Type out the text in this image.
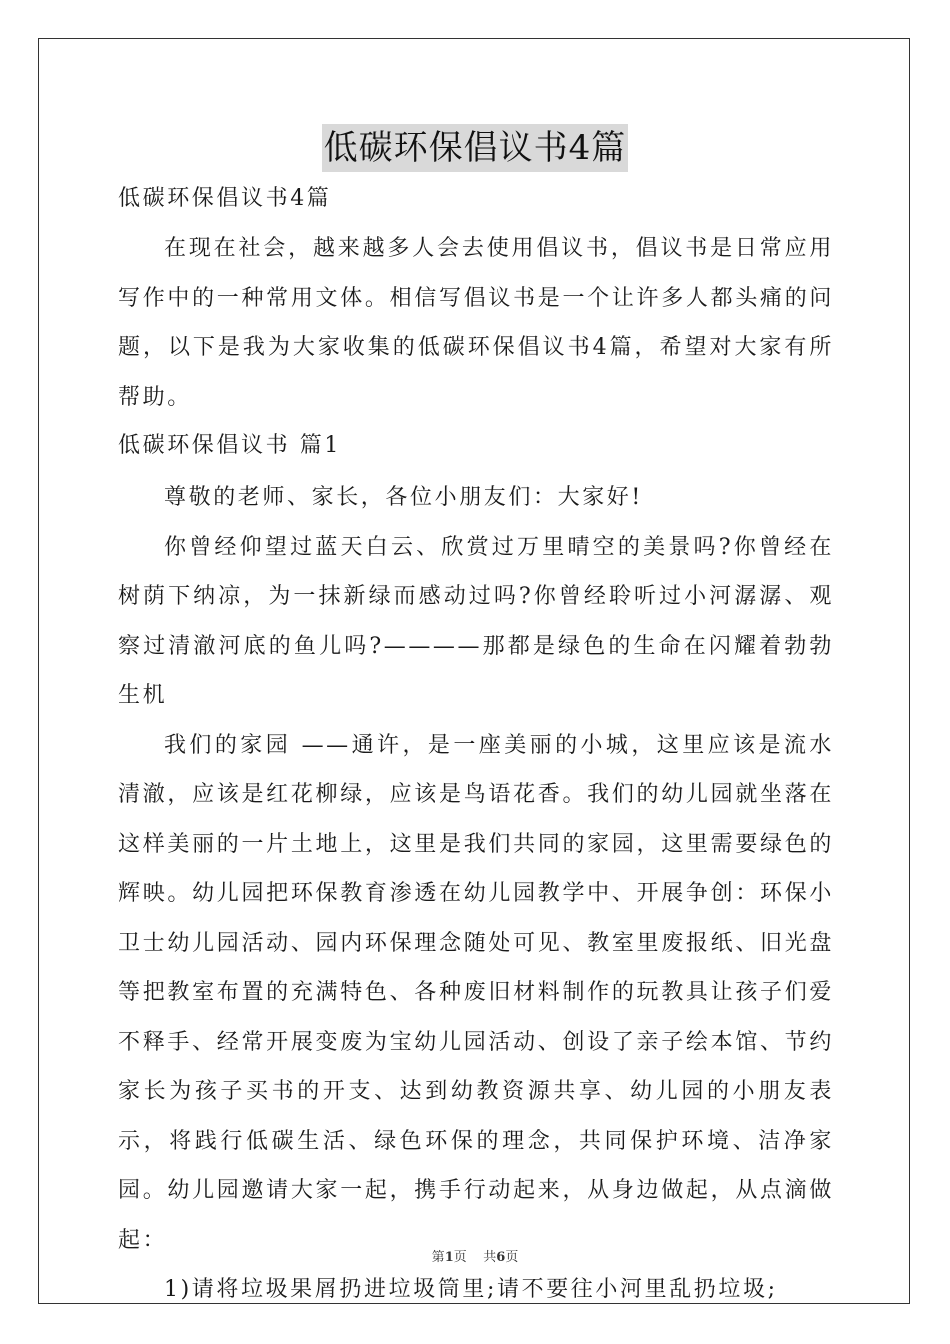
低碳环保倡议书4篇

低碳环保倡议书4篇

在现在社会，越来越多人会去使用倡议书，倡议书是日常应用写作中的一种常用文体。相信写倡议书是一个让许多人都头痛的问题，以下是我为大家收集的低碳环保倡议书4篇，希望对大家有所帮助。

低碳环保倡议书 篇1

尊敬的老师、家长，各位小朋友们：大家好!

你曾经仰望过蓝天白云、欣赏过万里晴空的美景吗?你曾经在树荫下纳凉，为一抹新绿而感动过吗?你曾经聆听过小河潺潺、观察过清澈河底的鱼儿吗?————那都是绿色的生命在闪耀着勃勃生机

我们的家园 ——通许，是一座美丽的小城，这里应该是流水清澈，应该是红花柳绿，应该是鸟语花香。我们的幼儿园就坐落在这样美丽的一片土地上，这里是我们共同的家园，这里需要绿色的辉映。幼儿园把环保教育渗透在幼儿园教学中、开展争创：环保小卫士幼儿园活动、园内环保理念随处可见、教室里废报纸、旧光盘 等把教室布置的充满特色、各种废旧材料制作的玩教具让孩子们爱不释手、经常开展变废为宝幼儿园活动、创设了亲子绘本馆、节约家长为孩子买书的开支、达到幼教资源共享、幼儿园的小朋友表示，将践行低碳生活、绿色环保的理念，共同保护环境、洁净家园。幼儿园邀请大家一起，携手行动起来，从身边做起，从点滴做起：

1)请将垃圾果屑扔进垃圾筒里;请不要往小河里乱扔垃圾;

第1页    共6页
